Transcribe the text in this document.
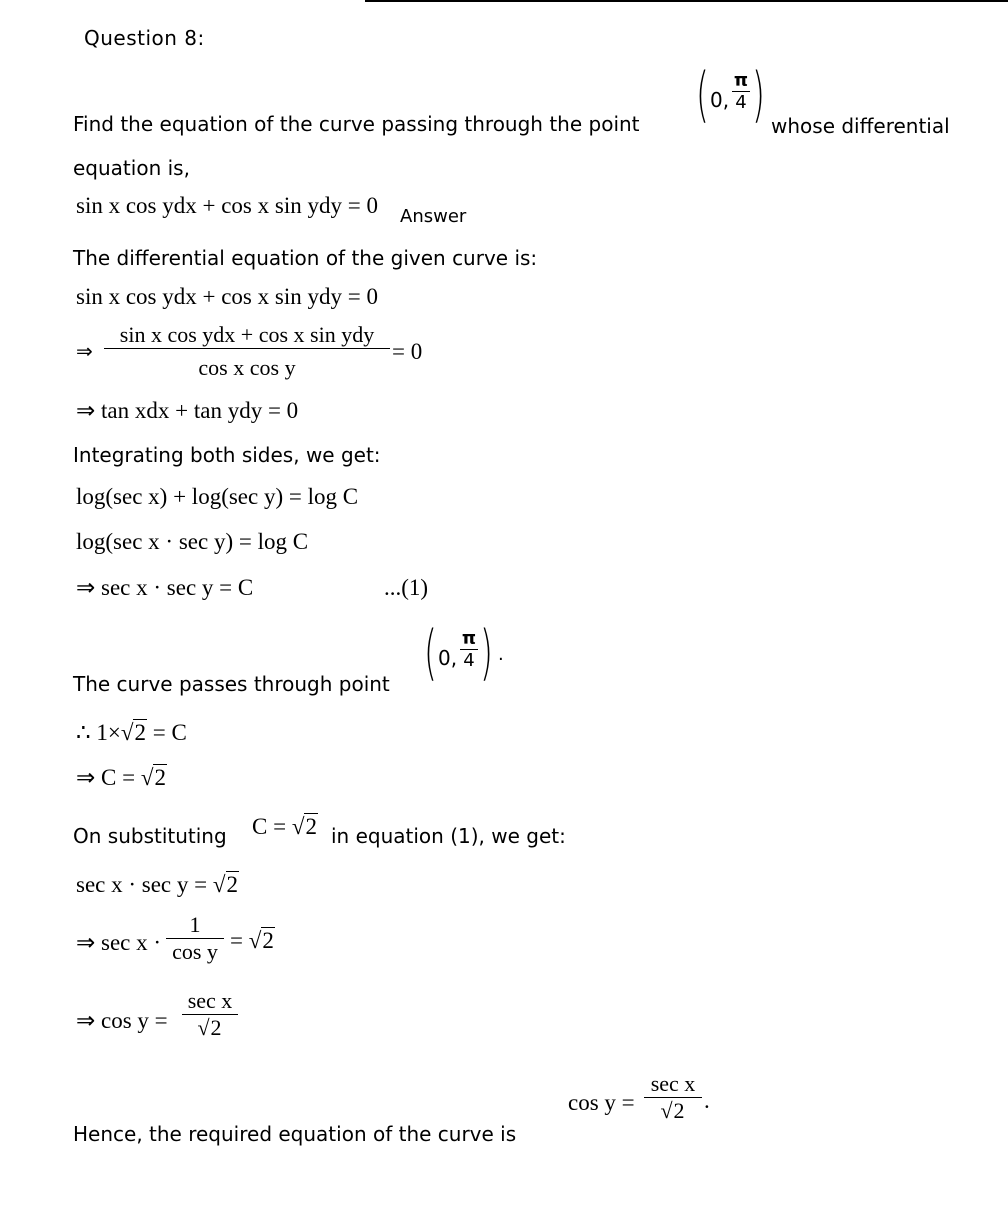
Question 8:
Find the equation of the curve passing through the point ( 0,
π
4 ) whose differential
equation is,
sin x cos ydx + cos x sin ydy = 0 Answer
The differential equation of the given curve is:
sin x cos ydx + cos x sin ydy = 0
⇒
sin x cos ydx + cos x sin ydy
cos x cos y
= 0
⇒ tan xdx + tan ydy = 0
Integrating both sides, we get:
log(sec x) + log(sec y) = log C
log(sec x · sec y) = log C
⇒ sec x · sec y = C	...(1)
The curve passes through point ( 0,
π
4 ) .
∴ 1×√2 = C
⇒ C = √2
On substituting C = √2 in equation (1), we get:
sec x · sec y = √2
⇒ sec x ·
1
cos y = √2
⇒ cos y =
sec x
√2
Hence, the required equation of the curve is
cos y =
sec x
√2 .
